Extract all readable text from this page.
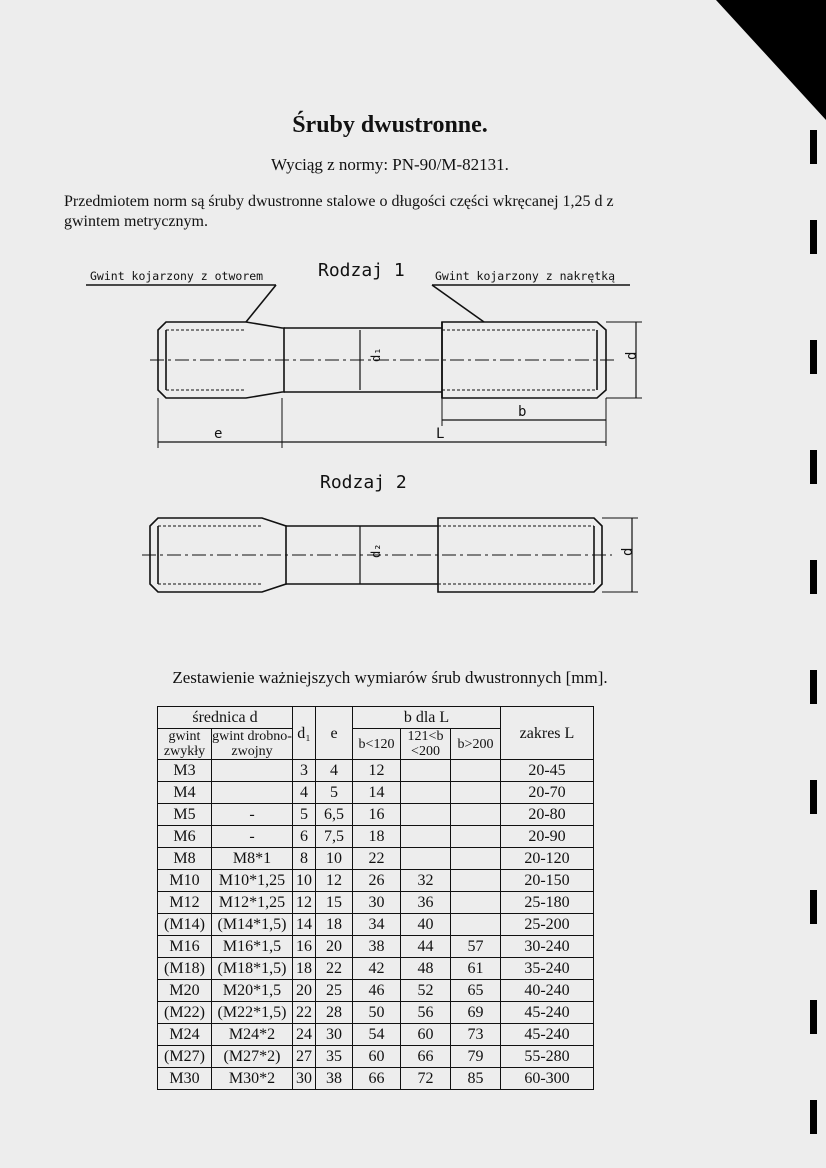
Śruby dwustronne.
Wyciąg z normy: PN-90/M-82131.
Przedmiotem norm są śruby dwustronne stalowe o długości części wkręcanej 1,25 d z gwintem metrycznym.
Rodzaj 1
Gwint kojarzony z otworem	Gwint kojarzony z nakrętką
d₁	d
b
e	L
Rodzaj 2
d₂	d
Zestawienie ważniejszych wymiarów śrub dwustronnych [mm].
średnica d		d₁	e	b dla L			zakres L
gwint zwykły	gwint drobno-zwojny			b<120	121<b <200	b>200	
M3		3	4	12			20-45
M4		4	5	14			20-70
M5	-	5	6,5	16			20-80
M6	-	6	7,5	18			20-90
M8	M8*1	8	10	22			20-120
M10	M10*1,25	10	12	26	32		20-150
M12	M12*1,25	12	15	30	36		25-180
(M14)	(M14*1,5)	14	18	34	40		25-200
M16	M16*1,5	16	20	38	44	57	30-240
(M18)	(M18*1,5)	18	22	42	48	61	35-240
M20	M20*1,5	20	25	46	52	65	40-240
(M22)	(M22*1,5)	22	28	50	56	69	45-240
M24	M24*2	24	30	54	60	73	45-240
(M27)	(M27*2)	27	35	60	66	79	55-280
M30	M30*2	30	38	66	72	85	60-300
